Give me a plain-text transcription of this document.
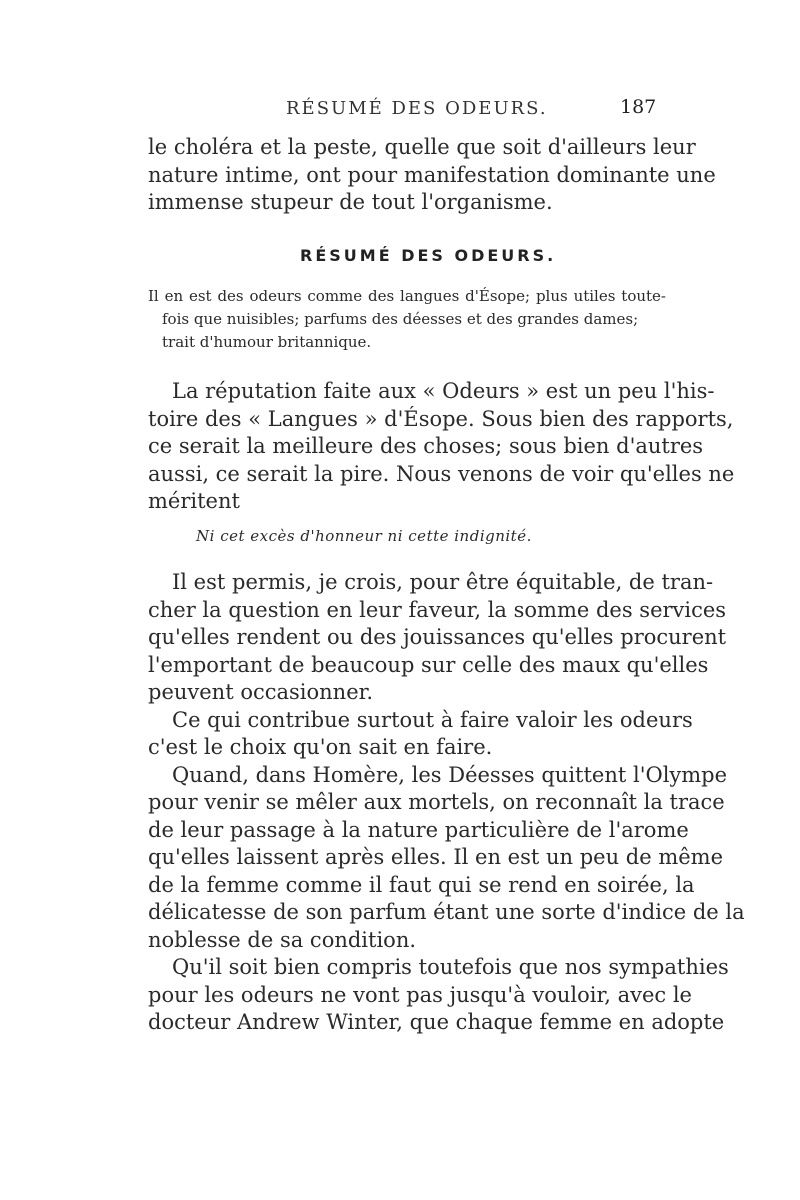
RÉSUMÉ DES ODEURS.	187
le choléra et la peste, quelle que soit d'ailleurs leur
nature intime, ont pour manifestation dominante une
immense stupeur de tout l'organisme.
RÉSUMÉ DES ODEURS.
Il en est des odeurs comme des langues d'Ésope; plus utiles toute-
fois que nuisibles; parfums des déesses et des grandes dames;
trait d'humour britannique.
La réputation faite aux « Odeurs » est un peu l'his-
toire des « Langues » d'Ésope. Sous bien des rapports,
ce serait la meilleure des choses; sous bien d'autres
aussi, ce serait la pire. Nous venons de voir qu'elles ne
méritent
Ni cet excès d'honneur ni cette indignité.
Il est permis, je crois, pour être équitable, de tran-
cher la question en leur faveur, la somme des services
qu'elles rendent ou des jouissances qu'elles procurent
l'emportant de beaucoup sur celle des maux qu'elles
peuvent occasionner.
Ce qui contribue surtout à faire valoir les odeurs
c'est le choix qu'on sait en faire.
Quand, dans Homère, les Déesses quittent l'Olympe
pour venir se mêler aux mortels, on reconnaît la trace
de leur passage à la nature particulière de l'arome
qu'elles laissent après elles. Il en est un peu de même
de la femme comme il faut qui se rend en soirée, la
délicatesse de son parfum étant une sorte d'indice de la
noblesse de sa condition.
Qu'il soit bien compris toutefois que nos sympathies
pour les odeurs ne vont pas jusqu'à vouloir, avec le
docteur Andrew Winter, que chaque femme en adopte
